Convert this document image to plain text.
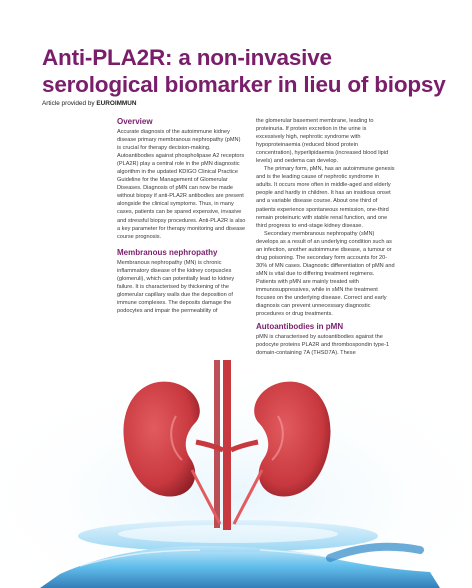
Anti-PLA2R: a non-invasive serological biomarker in lieu of biopsy
Article provided by EUROIMMUN
Overview

Accurate diagnosis of the autoimmune kidney disease primary membranous nephropathy (pMN) is crucial for therapy decision-making. Autoantibodies against phospholipase A2 receptors (PLA2R) play a central role in the pMN diagnostic algorithm in the updated KDIGO Clinical Practice Guideline for the Management of Glomerular Diseases. Diagnosis of pMN can now be made without biopsy if anti-PLA2R antibodies are present alongside the clinical symptoms. Thus, in many cases, patients can be spared expensive, invasive and stressful biopsy procedures. Anti-PLA2R is also a key parameter for therapy monitoring and disease course prognosis.

Membranous nephropathy

Membranous nephropathy (MN) is chronic inflammatory disease of the kidney corpuscles (glomeruli), which can potentially lead to kidney failure. It is characterised by thickening of the glomerular capillary walls due the deposition of immune complexes. The deposits damage the podocytes and impair the permeability of

the glomerular basement membrane, leading to proteinuria. If protein excretion in the urine is excessively high, nephrotic syndrome with hypoproteinaemia (reduced blood protein concentration), hyperlipidaemia (increased blood lipid levels) and oedema can develop.

The primary form, pMN, has an autoimmune genesis and is the leading cause of nephrotic syndrome in adults. It occurs more often in middle-aged and elderly people and hardly in children. It has an insidious onset and a variable disease course. About one third of patients experience spontaneous remission, one-third remain proteinuric with stable renal function, and one third progress to end-stage kidney disease.

Secondary membranous nephropathy (sMN) develops as a result of an underlying condition such as an infection, another autoimmune disease, a tumour or drug poisoning. The secondary form accounts for 20-30% of MN cases. Diagnostic differentiation of pMN and sMN is vital due to differing treatment regimens. Patients with pMN are mainly treated with immunosuppressives, while in sMN the treatment focuses on the underlying disease. Correct and early diagnosis can prevent unnecessary diagnostic procedures or drug treatments.

Autoantibodies in pMN

pMN is characterised by autoantibodies against the podocyte proteins PLA2R and thrombospondin type-1 domain-containing 7A (THSD7A). These
